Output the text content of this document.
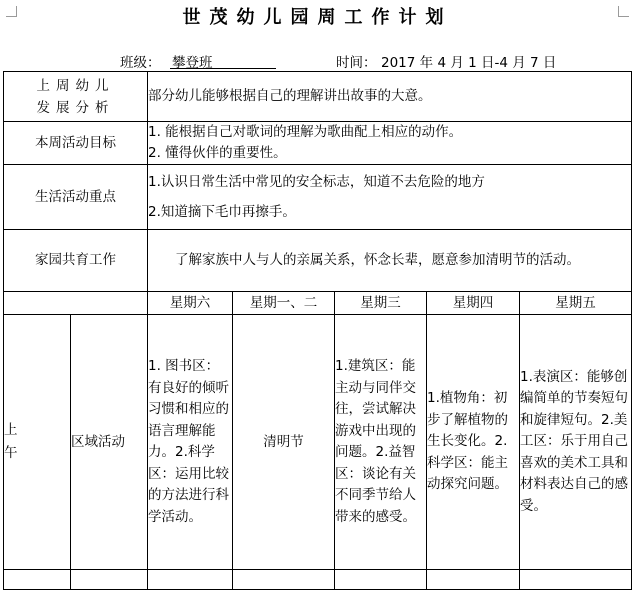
世茂幼儿园周工作计划
班级： 攀登班	时间： 2017 年 4 月 1 日-4 月 7 日
上周幼儿
发展分析		部分幼儿能够根据自己的理解讲出故事的大意。				
本周活动目标		1. 能根据自己对歌词的理解为歌曲配上相应的动作。
2. 懂得伙伴的重要性。				

生活活动重点		1.认识日常生活中常见的安全标志，知道不去危险的地方
2.知道摘下毛巾再擦手。				

家园共育工作		了解家族中人与人的亲属关系，怀念长辈，愿意参加清明节的活动。				
		星期六	星期一、二	星期三	星期四	星期五

上
午	区域活动	1. 图书区：有良好的倾听习惯和相应的语言理解能力。2.科学区：运用比较的方法进行科学活动。	清明节	1.建筑区：能主动与同伴交往，尝试解决游戏中出现的问题。2.益智区：谈论有关不同季节给人带来的感受。	1.植物角：初步了解植物的生长变化。2.科学区：能主动探究问题。	1.表演区：能够创编简单的节奏短句和旋律短句。2.美工区：乐于用自己喜欢的美术工具和材料表达自己的感受。
